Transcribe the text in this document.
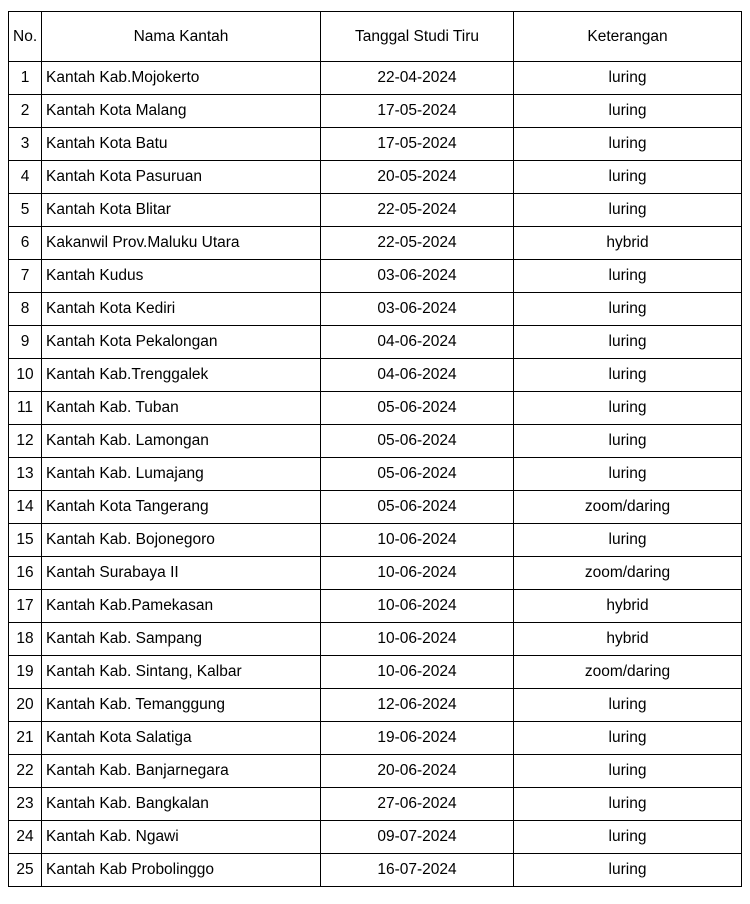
No.	Nama Kantah	Tanggal Studi Tiru	Keterangan
1	Kantah Kab.Mojokerto	22-04-2024	luring
2	Kantah Kota Malang	17-05-2024	luring
3	Kantah Kota Batu	17-05-2024	luring
4	Kantah Kota Pasuruan	20-05-2024	luring
5	Kantah Kota Blitar	22-05-2024	luring
6	Kakanwil Prov.Maluku Utara	22-05-2024	hybrid
7	Kantah Kudus	03-06-2024	luring
8	Kantah Kota Kediri	03-06-2024	luring
9	Kantah Kota Pekalongan	04-06-2024	luring
10	Kantah Kab.Trenggalek	04-06-2024	luring
11	Kantah Kab. Tuban	05-06-2024	luring
12	Kantah Kab. Lamongan	05-06-2024	luring
13	Kantah Kab. Lumajang	05-06-2024	luring
14	Kantah Kota Tangerang	05-06-2024	zoom/daring
15	Kantah Kab. Bojonegoro	10-06-2024	luring
16	Kantah Surabaya II	10-06-2024	zoom/daring
17	Kantah Kab.Pamekasan	10-06-2024	hybrid
18	Kantah Kab. Sampang	10-06-2024	hybrid
19	Kantah Kab. Sintang, Kalbar	10-06-2024	zoom/daring
20	Kantah Kab. Temanggung	12-06-2024	luring
21	Kantah Kota Salatiga	19-06-2024	luring
22	Kantah Kab. Banjarnegara	20-06-2024	luring
23	Kantah Kab. Bangkalan	27-06-2024	luring
24	Kantah Kab. Ngawi	09-07-2024	luring
25	Kantah Kab Probolinggo	16-07-2024	luring
